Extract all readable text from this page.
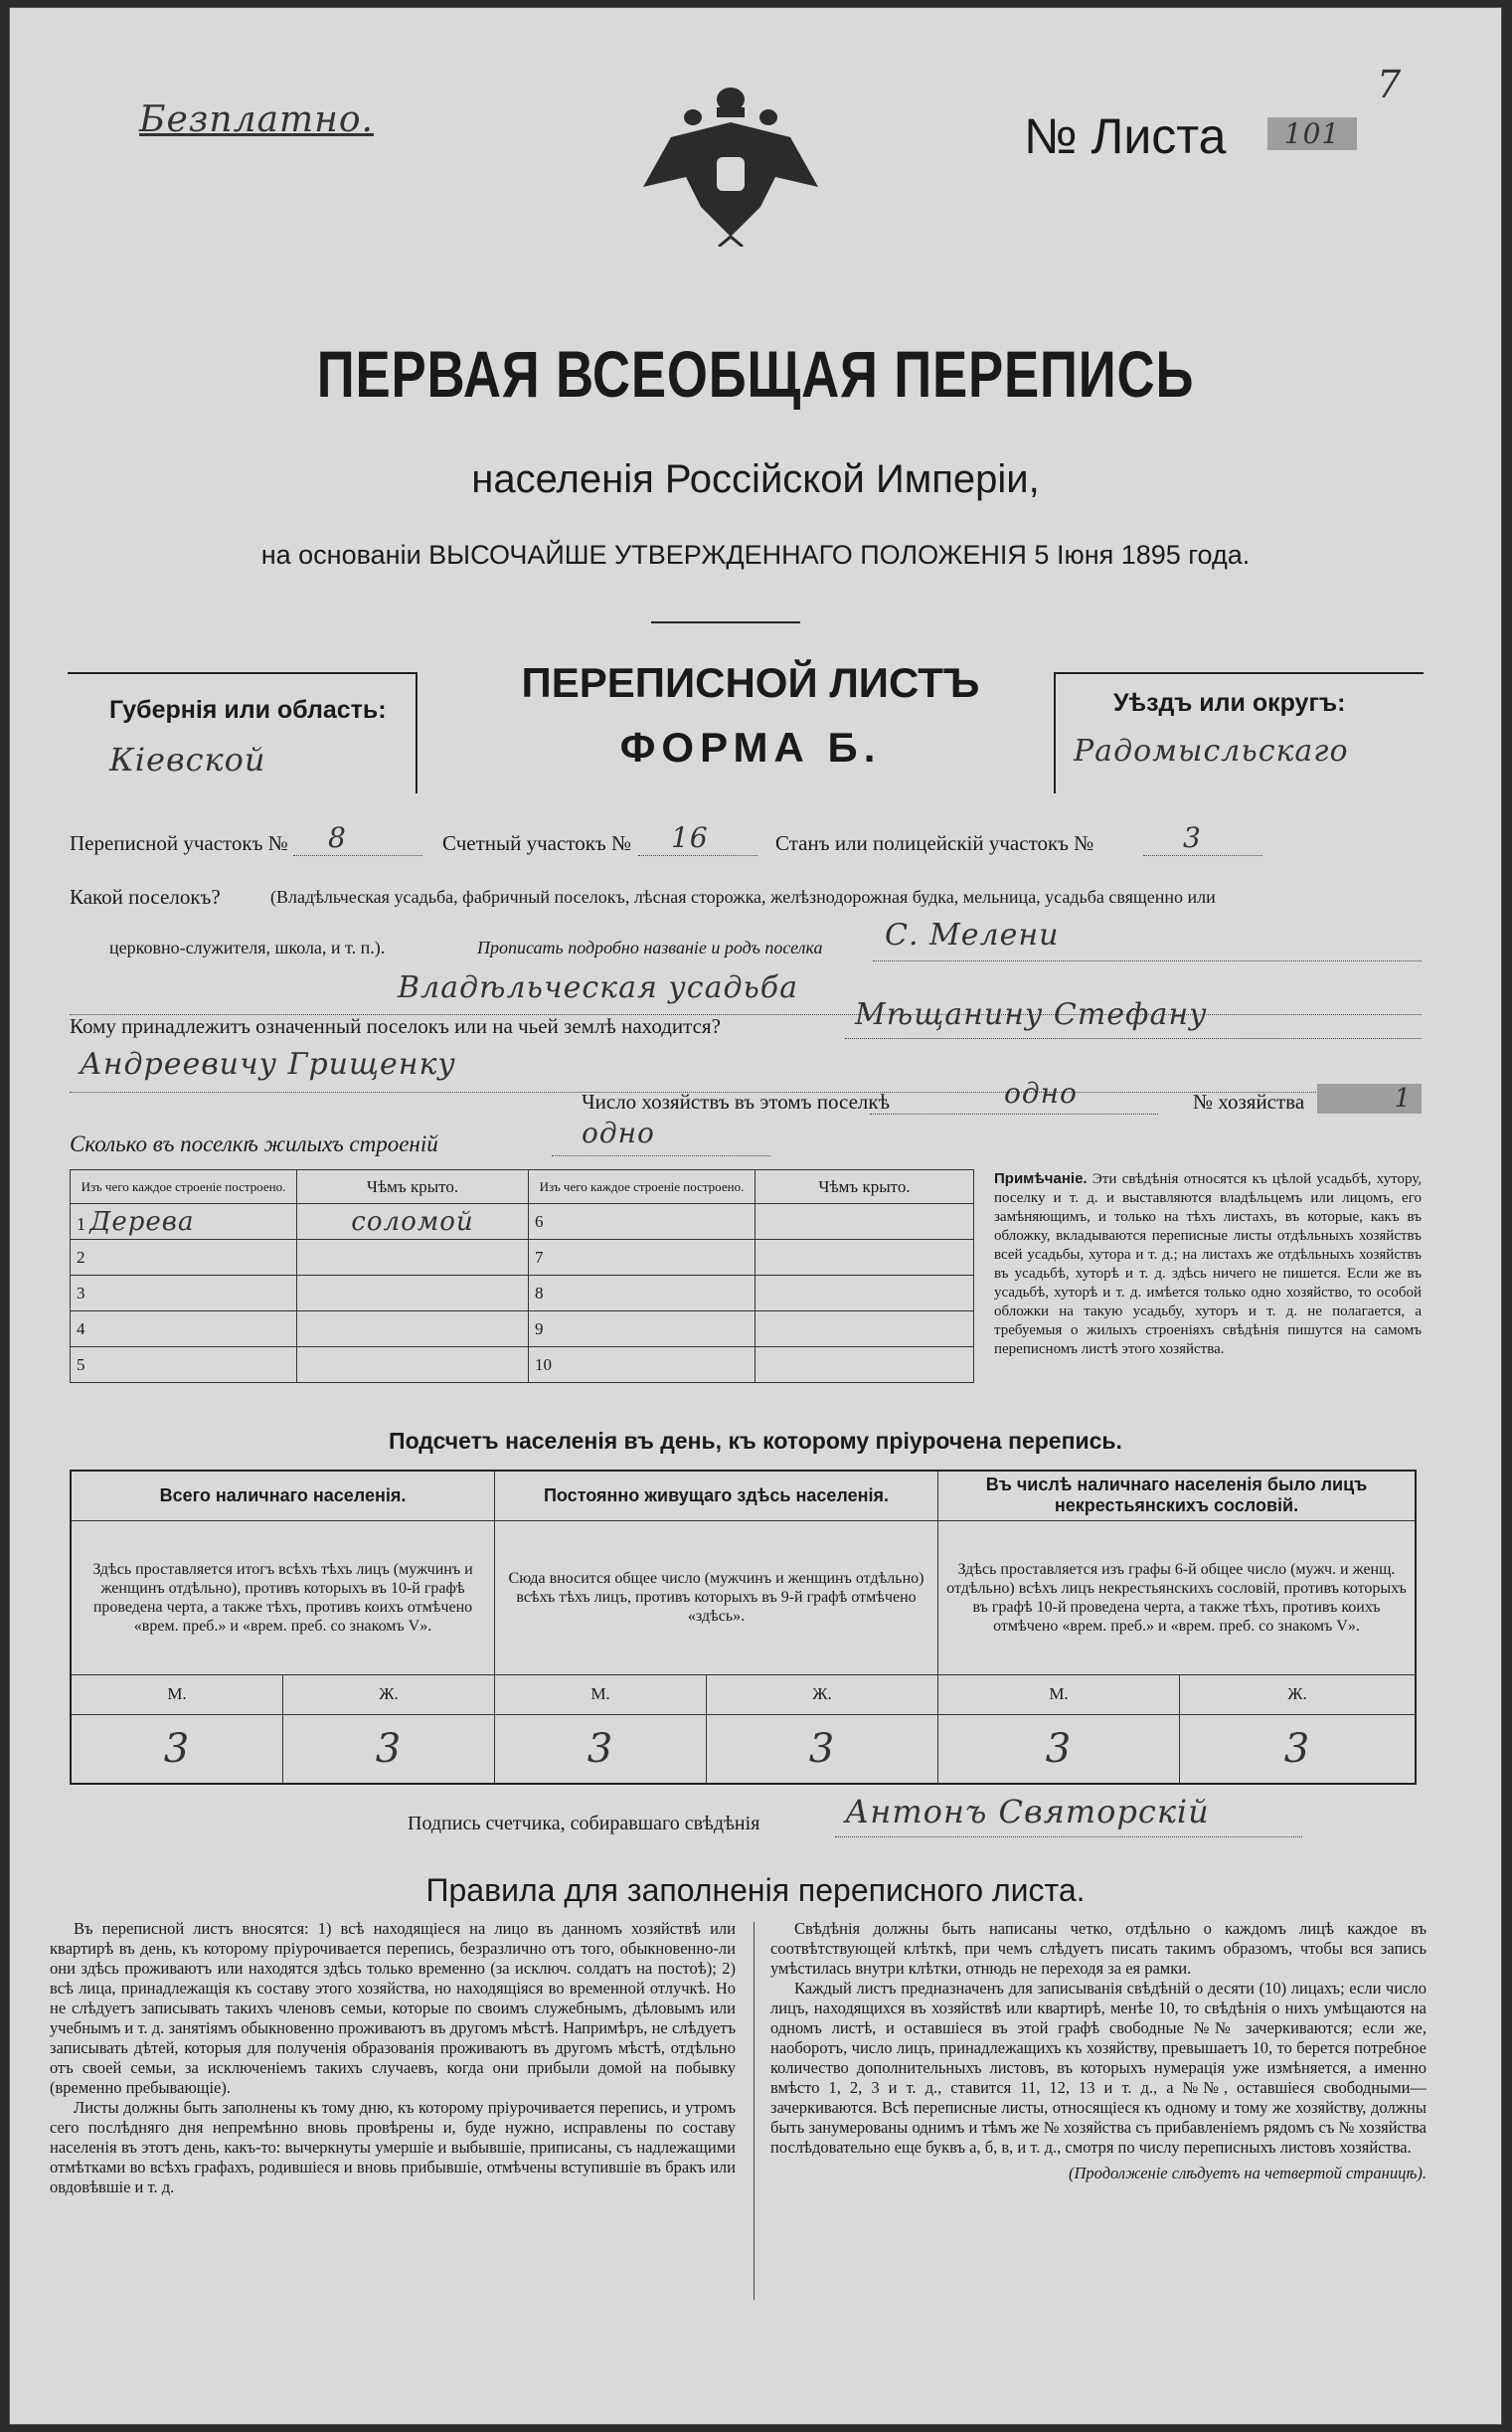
Безплатно.	№ Листа	101
7
ПЕРВАЯ ВСЕОБЩАЯ ПЕРЕПИСЬ
населенія Россійской Имперіи,
на основаніи ВЫСОЧАЙШЕ УТВЕРЖДЕННАГО ПОЛОЖЕНІЯ 5 Іюня 1895 года.
Губернія или область:
Кіевской
ПЕРЕПИСНОЙ ЛИСТЪ
ФОРМА Б.
Уѣздъ или округъ:
Радомысльскаго
Переписной участокъ № 8	Счетный участокъ № 16	Станъ или полицейскій участокъ №	3
Какой поселокъ?	(Владѣльческая усадьба, фабричный поселокъ, лѣсная сторожка, желѣзнодорожная будка, мельница, усадьба священно или
церковно-служителя, школа, и т. п.).	Прописать подробно названіе и родъ поселка С. Мелени
Владѣльческая усадьба
Кому принадлежитъ означенный поселокъ или на чьей землѣ находится?	Мѣщанину Стефану
Андреевичу Грищенку
Число хозяйствъ въ этомъ поселкѣ	одно	№ хозяйства	1
Сколько въ поселкѣ жилыхъ строеній	одно
Изъ чего каждое строеніе построено.	Чѣмъ крыто.	Изъ чего каждое строеніе построено.	Чѣмъ крыто.
1 Дерева	соломой	6	
2		7	
3		8	
4		9	
5		10	
Примѣчаніе. Эти свѣдѣнія относятся къ цѣлой усадьбѣ, хутору, поселку и т. д. и выставляются владѣльцемъ или лицомъ, его замѣняющимъ, и только на тѣхъ листахъ, въ которые, какъ въ обложку, вкладываются переписные листы отдѣльныхъ хозяйствъ всей усадьбы, хутора и т. д.; на листахъ же отдѣльныхъ хозяйствъ въ усадьбѣ, хуторѣ и т. д. здѣсь ничего не пишется. Если же въ усадьбѣ, хуторѣ и т. д. имѣется только одно хозяйство, то особой обложки на такую усадьбу, хуторъ и т. д. не полагается, а требуемыя о жилыхъ строеніяхъ свѣдѣнія пишутся на самомъ переписномъ листѣ этого хозяйства.
Подсчетъ населенія въ день, къ которому пріурочена перепись.
Всего наличнаго населенія.		Постоянно живущаго здѣсь населенія.		Въ числѣ наличнаго населенія было лицъ некрестьянскихъ сословій.	
Здѣсь проставляется итогъ всѣхъ тѣхъ лицъ (мужчинъ и женщинъ отдѣльно), противъ которыхъ въ 10-й графѣ проведена черта, а также тѣхъ, противъ коихъ отмѣчено «врем. преб.» и «врем. преб. со знакомъ V».		Сюда вносится общее число (мужчинъ и женщинъ отдѣльно) всѣхъ тѣхъ лицъ, противъ которыхъ въ 9-й графѣ отмѣчено «здѣсь».		Здѣсь проставляется изъ графы 6-й общее число (мужч. и женщ. отдѣльно) всѣхъ лицъ некрестьянскихъ сословій, противъ которыхъ въ графѣ 10-й проведена черта, а также тѣхъ, противъ коихъ отмѣчено «врем. преб.» и «врем. преб. со знакомъ V».	
М.	Ж.	М.	Ж.	М.	Ж.
3	3	3	3	3	3
Подпись счетчика, собиравшаго свѣдѣнія	Антонъ Святорскій
Правила для заполненія переписного листа.

Въ переписной листъ вносятся: 1) всѣ находящіеся на лицо въ данномъ хозяйствѣ или квартирѣ въ день, къ которому пріурочивается перепись, безразлично отъ того, обыкновенно-ли они здѣсь проживаютъ или находятся здѣсь только временно (за исключ. солдатъ на постоѣ); 2) всѣ лица, принадлежащія къ составу этого хозяйства, но находящіяся во временной отлучкѣ. Но не слѣдуетъ записывать такихъ членовъ семьи, которые по своимъ служебнымъ, дѣловымъ или учебнымъ и т. д. занятіямъ обыкновенно проживаютъ въ другомъ мѣстѣ. Напримѣръ, не слѣдуетъ записывать дѣтей, которыя для полученія образованія проживаютъ въ другомъ мѣстѣ, отдѣльно отъ своей семьи, за исключеніемъ такихъ случаевъ, когда они прибыли домой на побывку (временно пребывающіе).

Листы должны быть заполнены къ тому дню, къ которому пріурочивается перепись, и утромъ сего послѣдняго дня непремѣнно вновь провѣрены и, буде нужно, исправлены по составу населенія въ этотъ день, какъ-то: вычеркнуты умершіе и выбывшіе, приписаны, съ надлежащими отмѣтками во всѣхъ графахъ, родившіеся и вновь прибывшіе, отмѣчены вступившіе въ бракъ или овдовѣвшіе и т. д.

Свѣдѣнія должны быть написаны четко, отдѣльно о каждомъ лицѣ каждое въ соотвѣтствующей клѣткѣ, при чемъ слѣдуетъ писать такимъ образомъ, чтобы вся запись умѣстилась внутри клѣтки, отнюдь не переходя за ея рамки.

Каждый листъ предназначенъ для записыванія свѣдѣній о десяти (10) лицахъ; если число лицъ, находящихся въ хозяйствѣ или квартирѣ, менѣе 10, то свѣдѣнія о нихъ умѣщаются на одномъ листѣ, и оставшіеся въ этой графѣ свободные №№ зачеркиваются; если же, наоборотъ, число лицъ, принадлежащихъ къ хозяйству, превышаетъ 10, то берется потребное количество дополнительныхъ листовъ, въ которыхъ нумерація уже измѣняется, а именно вмѣсто 1, 2, 3 и т. д., ставится 11, 12, 13 и т. д., а №№, оставшіеся свободными—зачеркиваются. Всѣ переписные листы, относящіеся къ одному и тому же хозяйству, должны быть занумерованы однимъ и тѣмъ же № хозяйства съ прибавленіемъ рядомъ съ № хозяйства послѣдовательно еще буквъ а, б, в, и т. д., смотря по числу переписныхъ листовъ хозяйства.

(Продолженіе слѣдуетъ на четвертой страницѣ).
